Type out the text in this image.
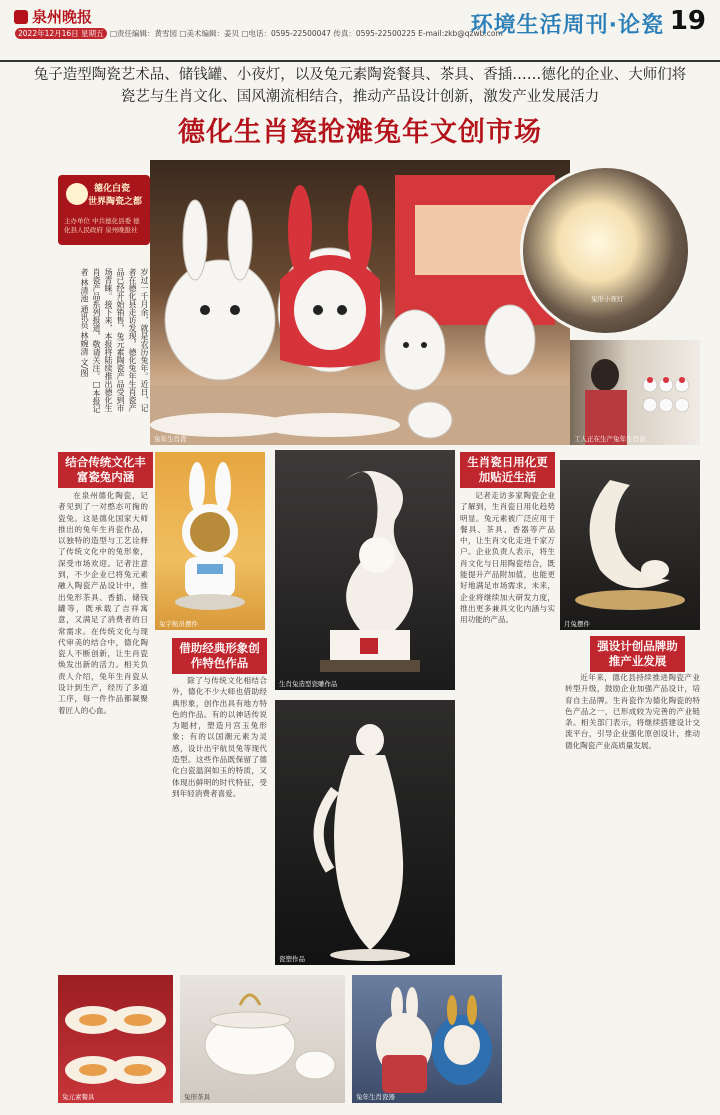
泉州晚报
2022年12月16日 星期五 □责任编辑：黄雪园 □美术编辑：姜贝 □电话：0595-22500047 传真：0595-22500225 E-mail:zkb@qzwb.com
环境生活周刊·论瓷 19
兔子造型陶瓷艺术品、储钱罐、小夜灯，以及兔元素陶瓷餐具、茶具、香插……德化的企业、大师们将瓷艺与生肖文化、国风潮流相结合，推动产品设计创新，激发产业发展活力
德化生肖瓷抢滩兔年文创市场
德化白瓷
世界陶瓷之都
主办单位 中共德化县委 德化县人民政府 泉州晚报社
岁过一千月余，就是农历兔年。近日，记者在德化县走访发现，德化兔年生肖瓷产品已经开始销售，兔元素陶瓷产品受到市场青睐。接下来，本报将陆续推出德化生肖瓷产品系列报道，敬请关注。□本报记者 林清池 通讯员 林婉清 文/图
兔年生肖瓷
兔形小夜灯
工人正在生产兔年生肖瓷
结合传统文化丰富瓷兔内涵
生肖瓷日用化更加贴近生活
借助经典形象创作特色作品
强设计创品牌助推产业发展
兔宇航员摆件
生肖兔造型瓷雕作品
月兔摆件
瓷塑作品
兔元素餐具	兔形茶具	兔年生肖瓷器

在泉州德化陶瓷，记者见到了一对憨态可掬的瓷兔。这是德化国家大师推出的兔年生肖瓷作品，以独特的造型与工艺诠释了传统文化中的兔形象，深受市场欢迎。记者注意到，不少企业已将兔元素融入陶瓷产品设计中，推出兔形茶具、香插、储钱罐等，既承载了吉祥寓意，又满足了消费者的日常需求。在传统文化与现代审美的结合中，德化陶瓷人不断创新，让生肖瓷焕发出新的活力。相关负责人介绍，兔年生肖瓷从设计到生产，经历了多道工序，每一件作品都凝聚着匠人的心血。

记者走访多家陶瓷企业了解到，生肖瓷日用化趋势明显。兔元素被广泛应用于餐具、茶具、香器等产品中，让生肖文化走进千家万户。企业负责人表示，将生肖文化与日用陶瓷结合，既能提升产品附加值，也能更好地满足市场需求。未来，企业将继续加大研发力度，推出更多兼具文化内涵与实用功能的产品。

除了与传统文化相结合外，德化不少大师也借助经典形象，创作出具有地方特色的作品。有的以神话传说为题材，塑造月宫玉兔形象；有的以国潮元素为灵感，设计出宇航员兔等现代造型。这些作品既保留了德化白瓷温润如玉的特质，又体现出鲜明的时代特征，受到年轻消费者喜爱。

近年来，德化县持续推进陶瓷产业转型升级，鼓励企业加强产品设计，培育自主品牌。生肖瓷作为德化陶瓷的特色产品之一，已形成较为完善的产业链条。相关部门表示，将继续搭建设计交流平台，引导企业强化原创设计，推动德化陶瓷产业高质量发展。
